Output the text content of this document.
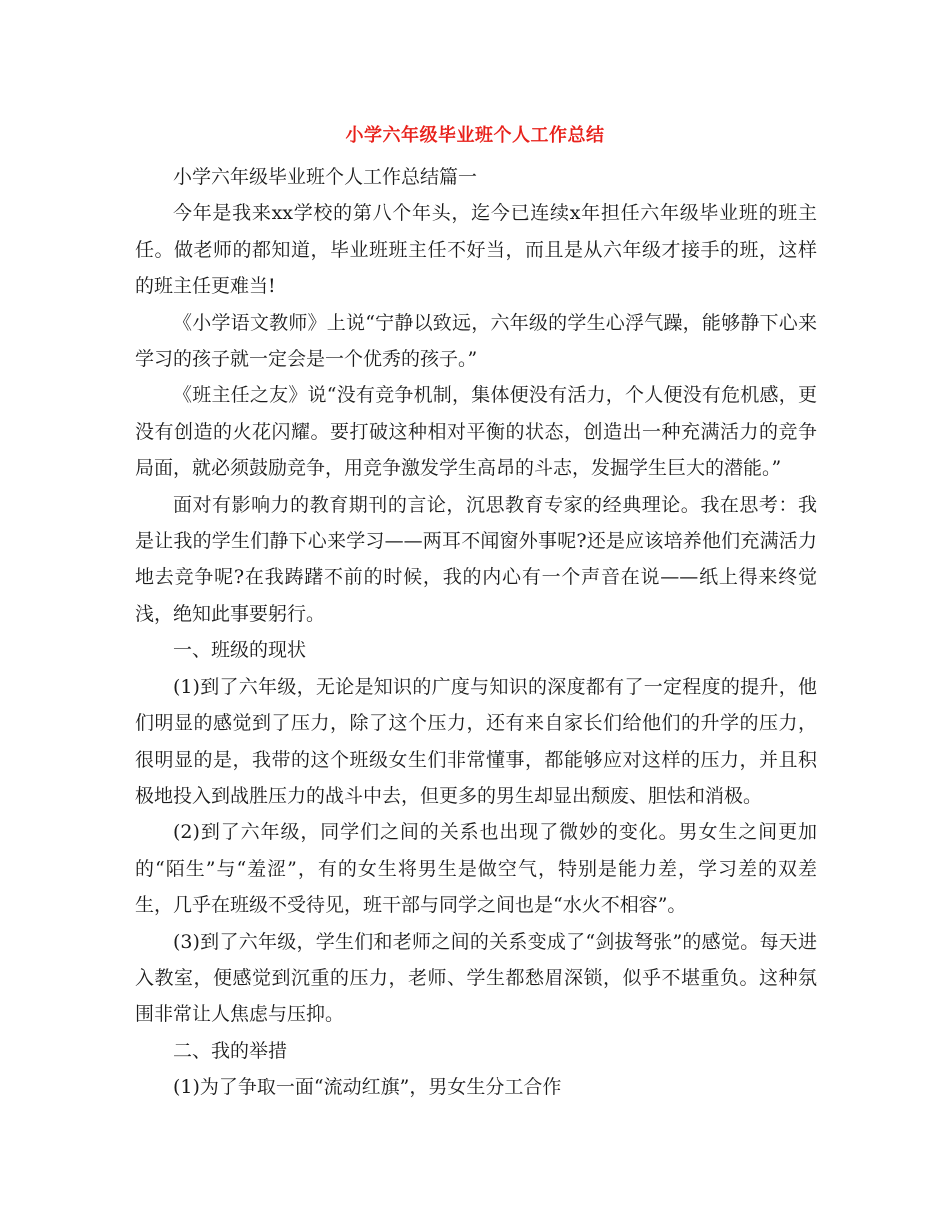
小学六年级毕业班个人工作总结

小学六年级毕业班个人工作总结篇一

今年是我来xx学校的第八个年头，迄今已连续x年担任六年级毕业班的班主任。做老师的都知道，毕业班班主任不好当，而且是从六年级才接手的班，这样的班主任更难当!

《小学语文教师》上说“宁静以致远，六年级的学生心浮气躁，能够静下心来学习的孩子就一定会是一个优秀的孩子。”

《班主任之友》说“没有竞争机制，集体便没有活力，个人便没有危机感，更没有创造的火花闪耀。要打破这种相对平衡的状态，创造出一种充满活力的竞争局面，就必须鼓励竞争，用竞争激发学生高昂的斗志，发掘学生巨大的潜能。”

面对有影响力的教育期刊的言论，沉思教育专家的经典理论。我在思考：我是让我的学生们静下心来学习——两耳不闻窗外事呢?还是应该培养他们充满活力地去竞争呢?在我踌躇不前的时候，我的内心有一个声音在说——纸上得来终觉浅，绝知此事要躬行。

一、班级的现状

(1)到了六年级，无论是知识的广度与知识的深度都有了一定程度的提升，他们明显的感觉到了压力，除了这个压力，还有来自家长们给他们的升学的压力，很明显的是，我带的这个班级女生们非常懂事，都能够应对这样的压力，并且积极地投入到战胜压力的战斗中去，但更多的男生却显出颓废、胆怯和消极。

(2)到了六年级，同学们之间的关系也出现了微妙的变化。男女生之间更加的“陌生”与“羞涩”，有的女生将男生是做空气，特别是能力差，学习差的双差生，几乎在班级不受待见，班干部与同学之间也是“水火不相容”。

(3)到了六年级，学生们和老师之间的关系变成了“剑拔弩张”的感觉。每天进入教室，便感觉到沉重的压力，老师、学生都愁眉深锁，似乎不堪重负。这种氛围非常让人焦虑与压抑。

二、我的举措

(1)为了争取一面“流动红旗”，男女生分工合作
